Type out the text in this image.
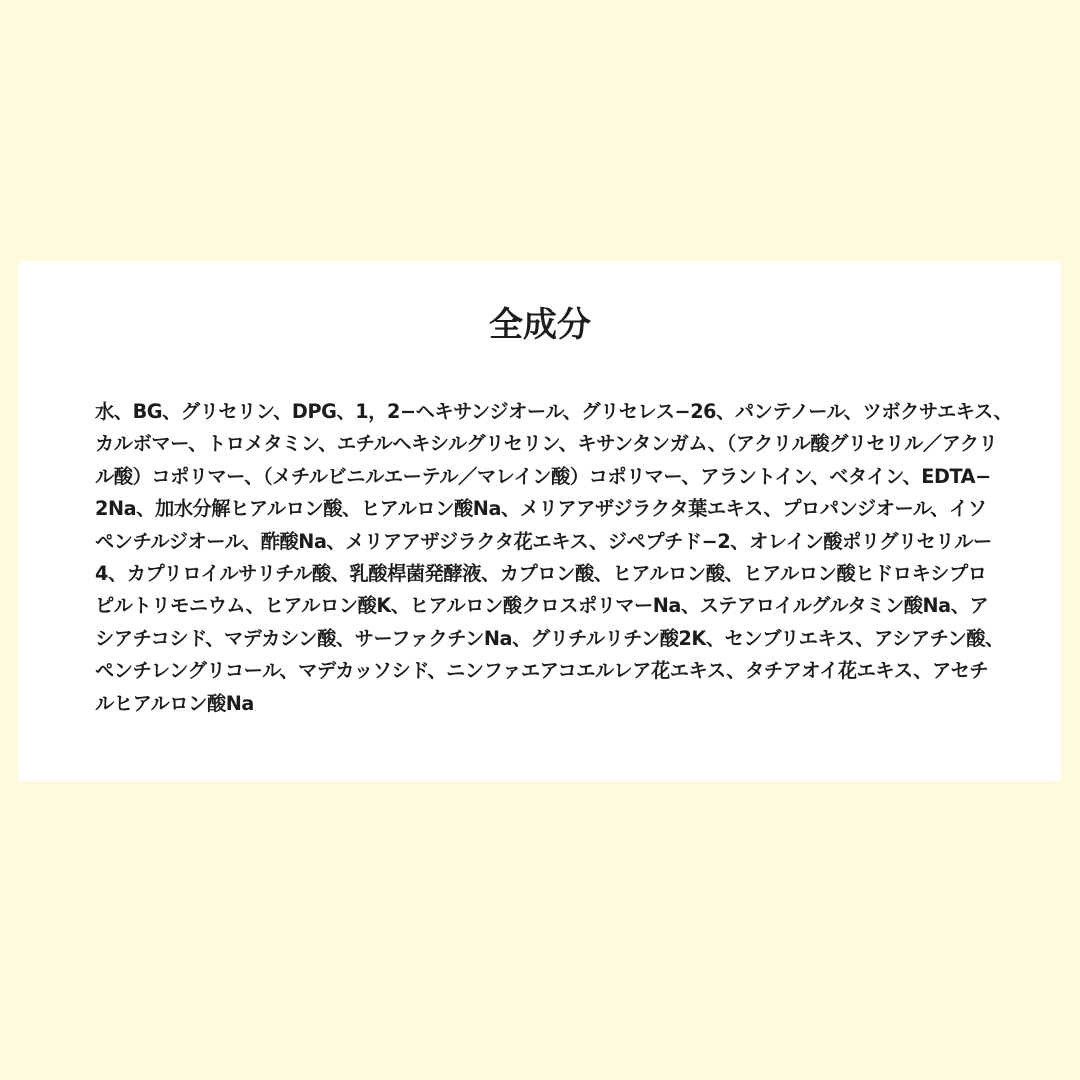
全成分

水、BG、グリセリン、DPG、1，2−ヘキサンジオール、グリセレス−26、パンテノール、ツボクサエキス、
カルボマー、トロメタミン、エチルヘキシルグリセリン、キサンタンガム、（アクリル酸グリセリル／アクリ
ル酸）コポリマー、（メチルビニルエーテル／マレイン酸）コポリマー、アラントイン、ベタイン、EDTA−
2Na、加水分解ヒアルロン酸、ヒアルロン酸Na、メリアアザジラクタ葉エキス、プロパンジオール、イソ
ペンチルジオール、酢酸Na、メリアアザジラクタ花エキス、ジペプチド−2、オレイン酸ポリグリセリルー
4、カプリロイルサリチル酸、乳酸桿菌発酵液、カプロン酸、ヒアルロン酸、ヒアルロン酸ヒドロキシプロ
ピルトリモニウム、ヒアルロン酸K、ヒアルロン酸クロスポリマーNa、ステアロイルグルタミン酸Na、ア
シアチコシド、マデカシン酸、サーファクチンNa、グリチルリチン酸2K、センブリエキス、アシアチン酸、
ペンチレングリコール、マデカッソシド、ニンファエアコエルレア花エキス、タチアオイ花エキス、アセチ
ルヒアルロン酸Na
